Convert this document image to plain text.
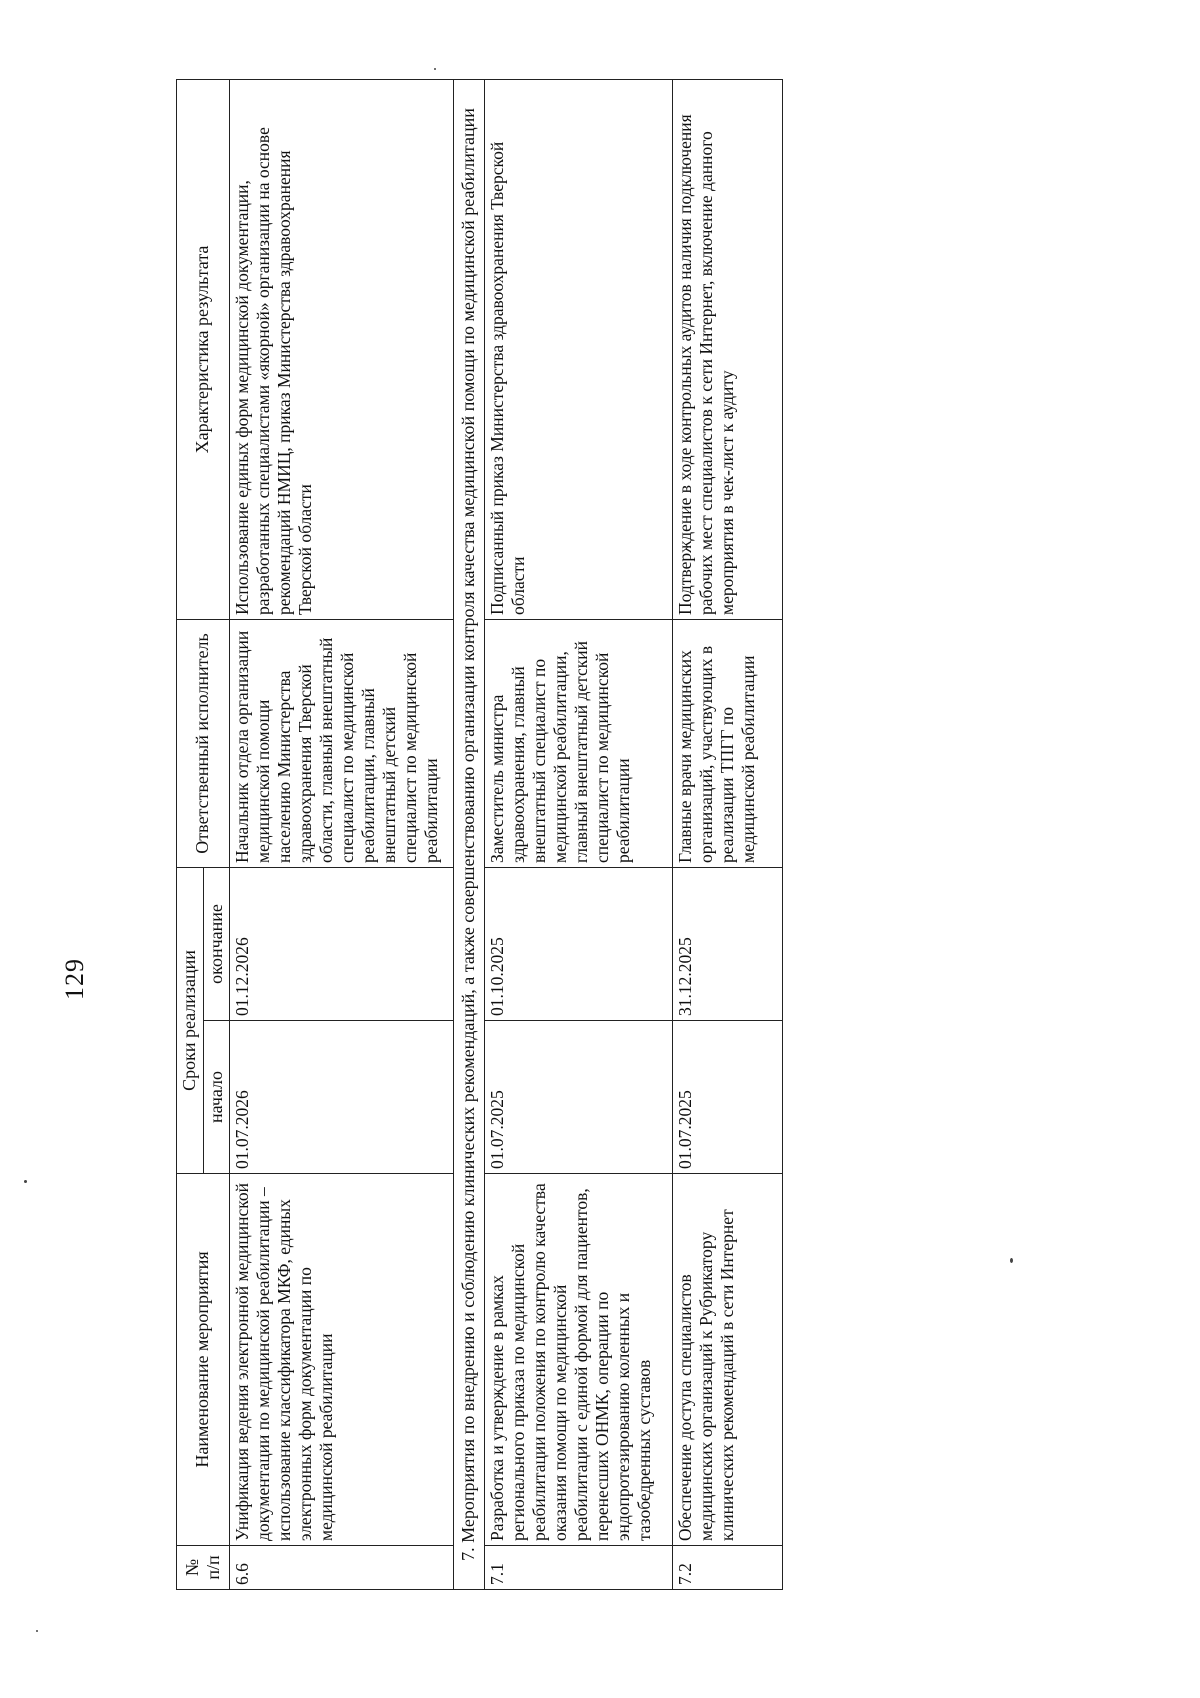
129
№ п/п	Наименование мероприятия	Сроки реализации		Ответственный исполнитель	Характеристика результата
		начало	окончание		
6.6	Унификация ведения электронной медицинской документации по медицинской реабилитации – использование классификатора МКФ, единых электронных форм документации по медицинской реабилитации	01.07.2026	01.12.2026	Начальник отдела организации медицинской помощи населению Министерства здравоохранения Тверской области, главный внештатный специалист по медицинской реабилитации, главный внештатный детский специалист по медицинской реабилитации	Использование единых форм медицинской документации, разработанных специалистами «якорной» организации на основе рекомендаций НМИЦ, приказ Министерства здравоохранения Тверской области
7. Мероприятия по внедрению и соблюдению клинических рекомендаций, а также совершенствованию организации контроля качества медицинской помощи по медицинской реабилитации					
7.1	Разработка и утверждение в рамках регионального приказа по медицинской реабилитации положения по контролю качества оказания помощи по медицинской реабилитации с единой формой для пациентов, перенесших ОНМК, операции по эндопротезированию коленных и тазобедренных суставов	01.07.2025	01.10.2025	Заместитель министра здравоохранения, главный внештатный специалист по медицинской реабилитации, главный внештатный детский специалист по медицинской реабилитации	Подписанный приказ Министерства здравоохранения Тверской области
7.2	Обеспечение доступа специалистов медицинских организаций к Рубрикатору клинических рекомендаций в сети Интернет	01.07.2025	31.12.2025	Главные врачи медицинских организаций, участвующих в реализации ТПГГ по медицинской реабилитации	Подтверждение в ходе контрольных аудитов наличия подключения рабочих мест специалистов к сети Интернет, включение данного мероприятия в чек-лист к аудиту
